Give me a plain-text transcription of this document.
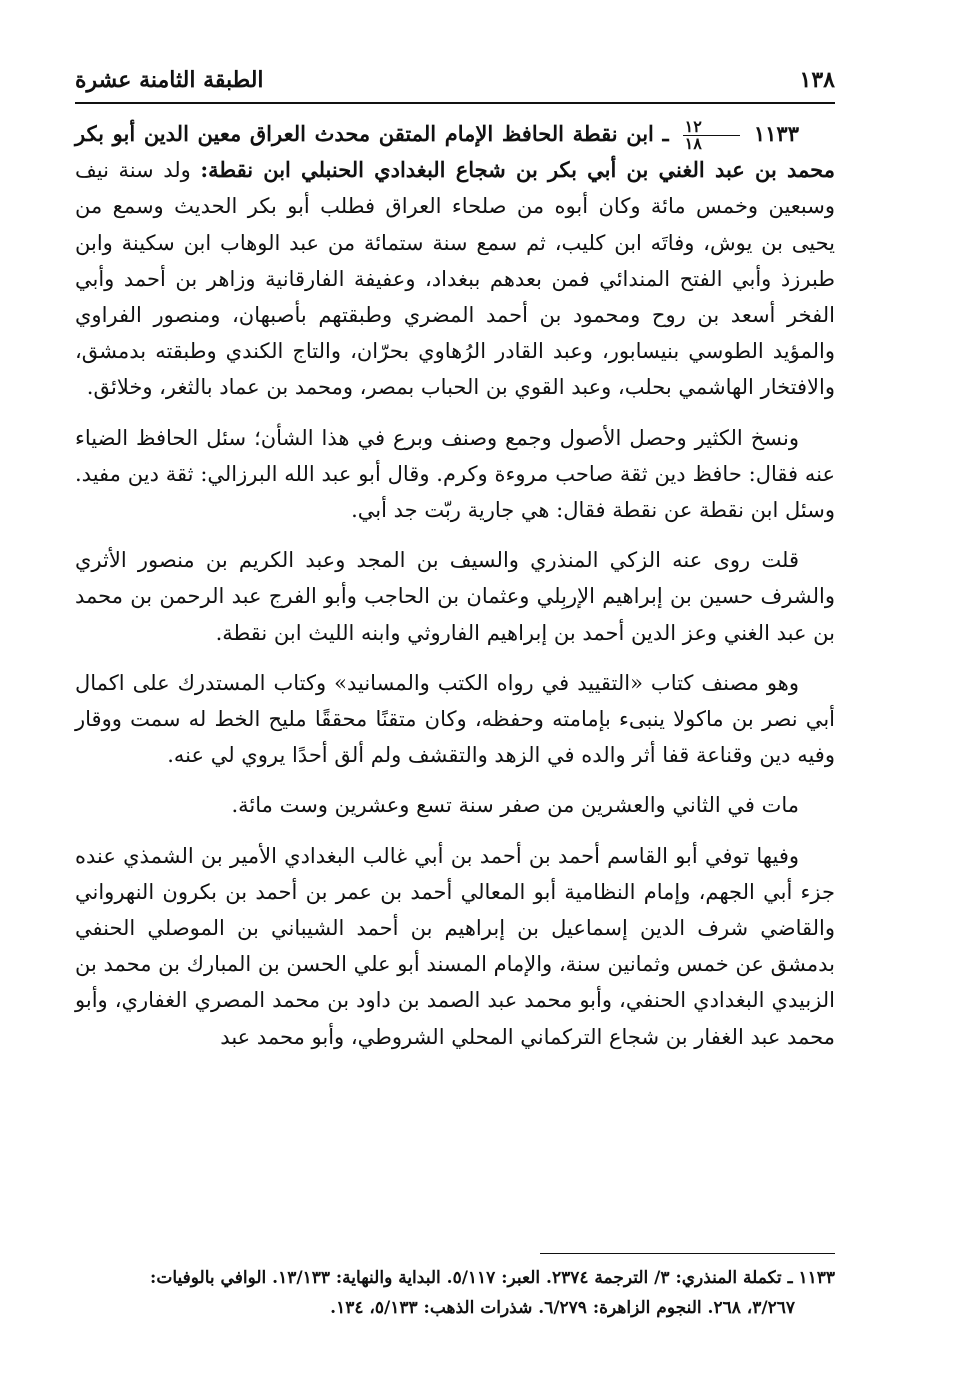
١٣٨
الطبقة الثامنة عشرة

١١٣٣
$\frac{١٢}{١٨}$
ـ ابن نقطة الحافظ الإمام المتقن محدث العراق معين الدين أبو بكر محمد بن عبد الغني بن أبي بكر بن شجاع البغدادي الحنبلي ابن نقطة: ولد سنة نيف وسبعين وخمس مائة وكان أبوه من صلحاء العراق فطلب أبو بكر الحديث وسمع من يحيى بن يوش، وفاتَه ابن كليب، ثم سمع سنة ستمائة من عبد الوهاب ابن سكينة وابن طبرزذ وأبي الفتح المندائي فمن بعدهم ببغداد، وعفيفة الفارقانية وزاهر بن أحمد وأبي الفخر أسعد بن روح ومحمود بن أحمد المضري وطبقتهم بأصبهان، ومنصور الفراوي والمؤيد الطوسي بنيسابور، وعبد القادر الرُهاوي بحرّان، والتاج الكندي وطبقته بدمشق، والافتخار الهاشمي بحلب، وعبد القوي بن الحباب بمصر، ومحمد بن عماد بالثغر، وخلائق.

ونسخ الكثير وحصل الأصول وجمع وصنف وبرع في هذا الشأن؛ سئل الحافظ الضياء عنه فقال: حافظ دين ثقة صاحب مروءة وكرم. وقال أبو عبد الله البرزالي: ثقة دين مفيد. وسئل ابن نقطة عن نقطة فقال: هي جارية ربّت جد أبي.

قلت روى عنه الزكي المنذري والسيف بن المجد وعبد الكريم بن منصور الأثري والشرف حسين بن إبراهيم الإربِلي وعثمان بن الحاجب وأبو الفرج عبد الرحمن بن محمد بن عبد الغني وعز الدين أحمد بن إبراهيم الفاروثي وابنه الليث ابن نقطة.

وهو مصنف كتاب «التقييد في رواه الكتب والمسانيد» وكتاب المستدرك على اكمال أبي نصر بن ماكولا ينبىء بإمامته وحفظه، وكان متقنًا محققًا مليح الخط له سمت ووقار وفيه دين وقناعة قفا أثر والده في الزهد والتقشف ولم ألق أحدًا يروي لي عنه.

مات في الثاني والعشرين من صفر سنة تسع وعشرين وست مائة.

وفيها توفي أبو القاسم أحمد بن أحمد بن أبي غالب البغدادي الأمير بن الشمذي عنده جزء أبي الجهم، وإمام النظامية أبو المعالي أحمد بن عمر بن أحمد بن بكرون النهرواني والقاضي شرف الدين إسماعيل بن إبراهيم بن أحمد الشيباني بن الموصلي الحنفي بدمشق عن خمس وثمانين سنة، والإمام المسند أبو علي الحسن بن المبارك بن محمد بن الزبيدي البغدادي الحنفي، وأبو محمد عبد الصمد بن داود بن محمد المصري الغفاري، وأبو محمد عبد الغفار بن شجاع التركماني المحلي الشروطي، وأبو محمد عبد

١١٣٣ ـ تكملة المنذري: ٣/ الترجمة ٢٣٧٤. العبر: ٥/١١٧. البداية والنهاية: ١٣/١٣٣. الوافي بالوفيات:
٣/٢٦٧، ٢٦٨. النجوم الزاهرة: ٦/٢٧٩. شذرات الذهب: ٥/١٣٣، ١٣٤.
